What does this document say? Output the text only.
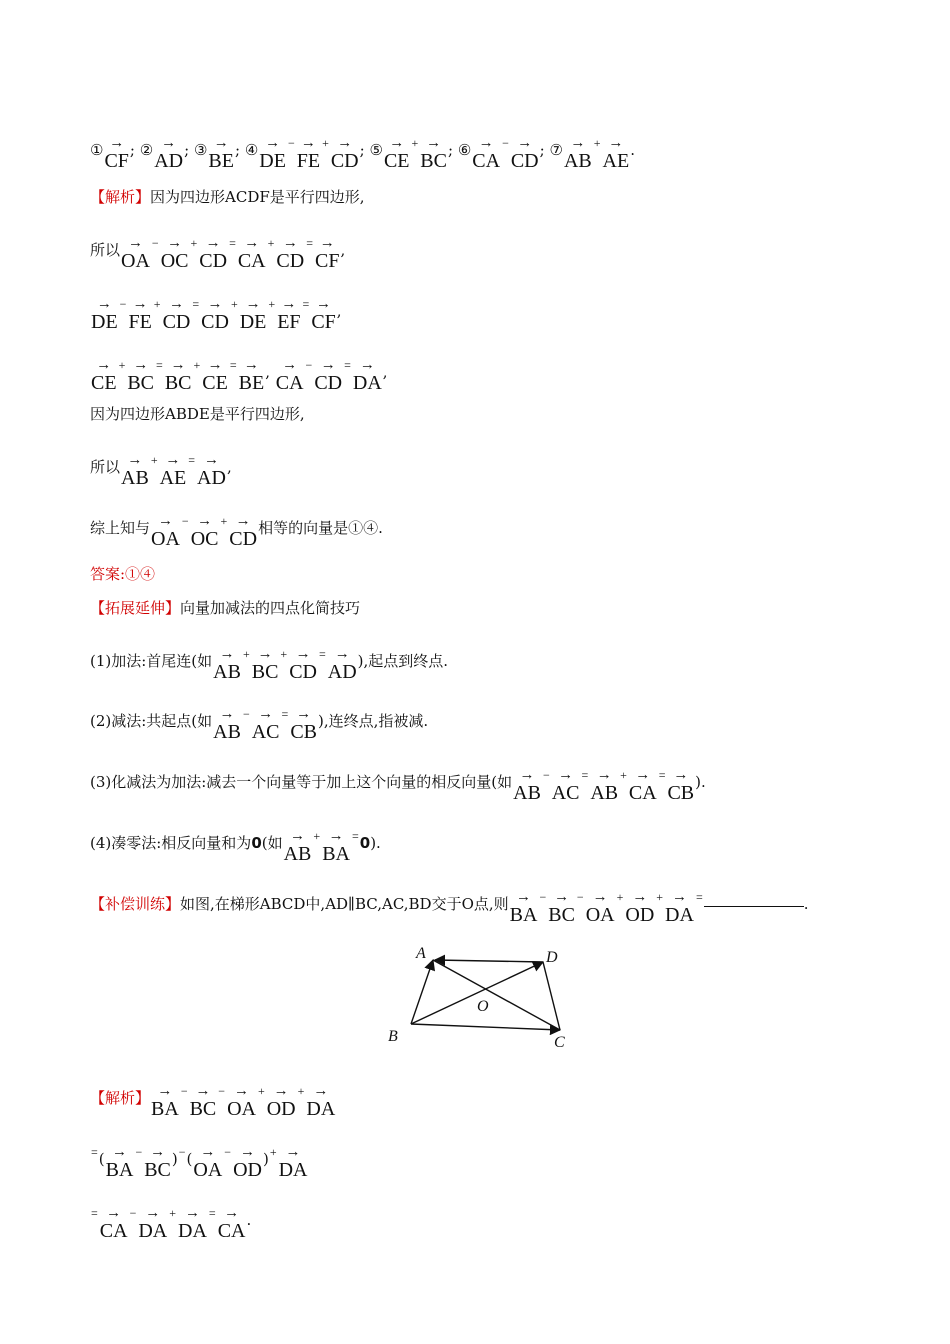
①→ CF; ②→ AD; ③→ BE; ④→ DE−→ FE+→ CD; ⑤→ CE+→ BC; ⑥→ CA−→ CD; ⑦→ AB+→ AE.
【解析】因为四边形ACDF是平行四边形,
所以→ OA−→ OC+→ CD=→ CA+→ CD=→ CF,
→ DE−→ FE+→ CD=→ CD+→ DE+→ EF=→ CF,
→ CE+→ BC=→ BC+→ CE=→ BE, → CA−→ CD=→ DA,
因为四边形ABDE是平行四边形,
所以→ AB+→ AE=→ AD,
综上知与→ OA−→ OC+→ CD相等的向量是①④.
答案:①④
【拓展延伸】向量加减法的四点化简技巧
(1)加法:首尾连(如→ AB+→ BC+→ CD=→ AD),起点到终点.
(2)减法:共起点(如→ AB−→ AC=→ CB),连终点,指被减.
(3)化减法为加法:减去一个向量等于加上这个向量的相反向量(如→ AB−→ AC=→ AB+→ CA=→ CB).
(4)凑零法:相反向量和为0(如→ AB+→ BA=0).
【补偿训练】如图,在梯形ABCD中,AD∥BC,AC,BD交于O点,则→ BA−→ BC−→ OA+→ OD+→ DA=	.
A	D
B	C
O
【解析】→ BA−→ BC−→ OA+→ OD+→ DA
=(→ BA−→ BC)−(→ OA−→ OD)+→ DA
=→ CA−→ DA+→ DA=→ CA.
